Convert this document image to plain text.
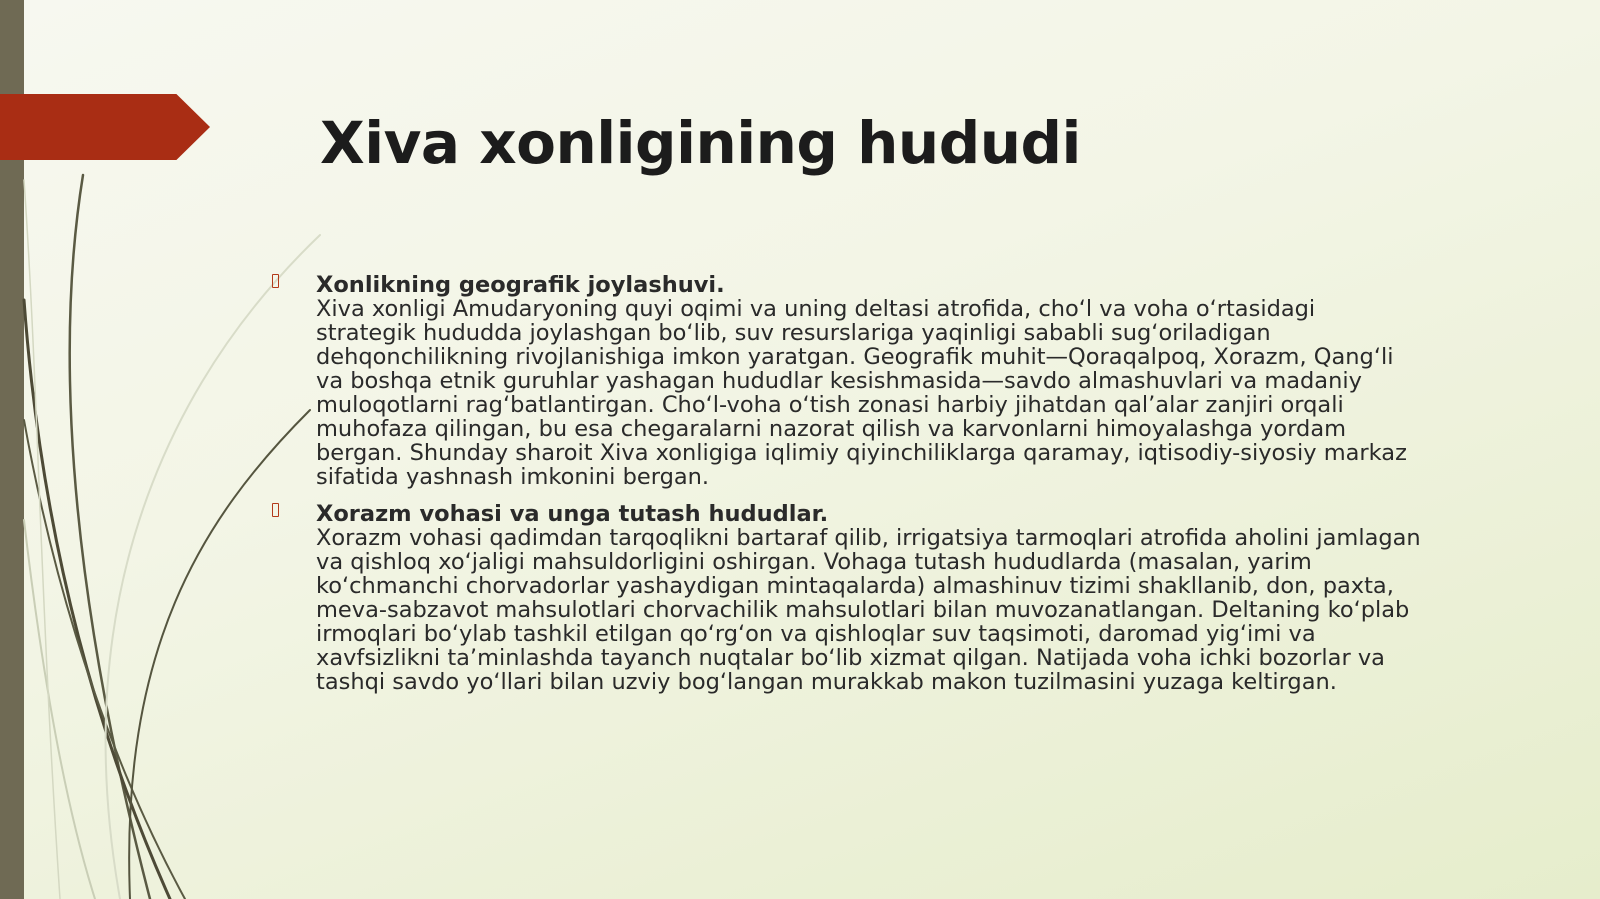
Xiva xonligining hududi
Xonlikning geografik joylashuvi.
Xiva xonligi Amudaryoning quyi oqimi va uning deltasi atrofida, cho‘l va voha o‘rtasidagi strategik hududda joylashgan bo‘lib, suv resurslariga yaqinligi sababli sug‘oriladigan dehqonchilikning rivojlanishiga imkon yaratgan. Geografik muhit—Qoraqalpoq, Xorazm, Qang‘li va boshqa etnik guruhlar yashagan hududlar kesishmasida—savdo almashuvlari va madaniy muloqotlarni rag‘batlantirgan. Cho‘l-voha o‘tish zonasi harbiy jihatdan qal’alar zanjiri orqali muhofaza qilingan, bu esa chegaralarni nazorat qilish va karvonlarni himoyalashga yordam bergan. Shunday sharoit Xiva xonligiga iqlimiy qiyinchiliklarga qaramay, iqtisodiy-siyosiy markaz sifatida yashnash imkonini bergan.
Xorazm vohasi va unga tutash hududlar.
Xorazm vohasi qadimdan tarqoqlikni bartaraf qilib, irrigatsiya tarmoqlari atrofida aholini jamlagan va qishloq xo‘jaligi mahsuldorligini oshirgan. Vohaga tutash hududlarda (masalan, yarim ko‘chmanchi chorvadorlar yashaydigan mintaqalarda) almashinuv tizimi shakllanib, don, paxta, meva-sabzavot mahsulotlari chorvachilik mahsulotlari bilan muvozanatlangan. Deltaning ko‘plab irmoqlari bo‘ylab tashkil etilgan qo‘rg‘on va qishloqlar suv taqsimoti, daromad yig‘imi va xavfsizlikni ta’minlashda tayanch nuqtalar bo‘lib xizmat qilgan. Natijada voha ichki bozorlar va tashqi savdo yo‘llari bilan uzviy bog‘langan murakkab makon tuzilmasini yuzaga keltirgan.
